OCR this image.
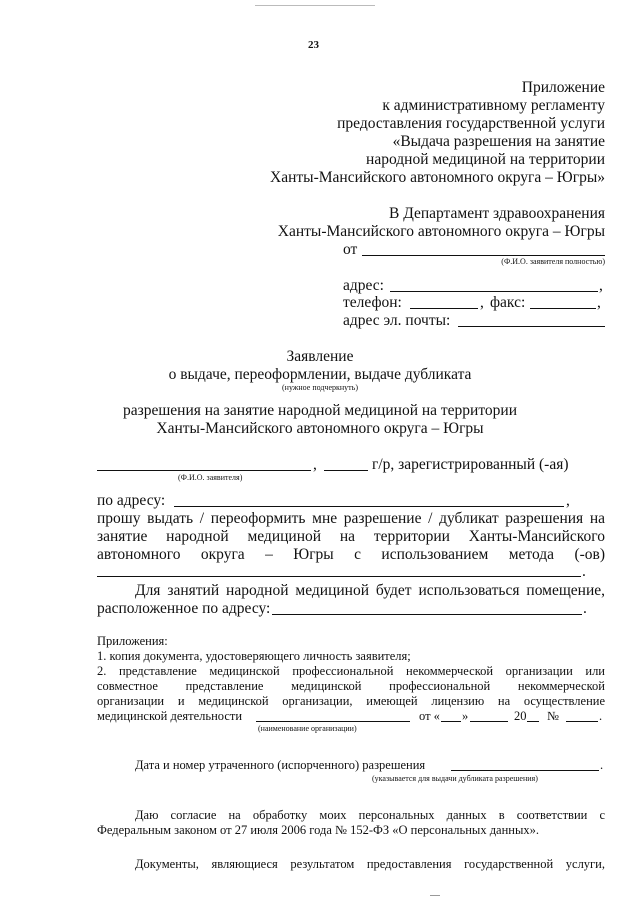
23
Приложение
к административному регламенту
предоставления государственной услуги
«Выдача разрешения на занятие
народной медициной на территории
Ханты-Мансийского автономного округа – Югры»
В Департамент здравоохранения
Ханты-Мансийского автономного округа – Югры
от
(Ф.И.О. заявителя полностью)
адрес:	,
телефон:	, факс:	,
адрес эл. почты:
Заявление
о выдаче, переоформлении, выдаче дубликата
(нужное подчеркнуть)
разрешения на занятие народной медициной на территории
Ханты-Мансийского автономного округа – Югры
,	г/р, зарегистрированный (-ая)
(Ф.И.О. заявителя)
по адресу:	,
прошу выдать / переоформить мне разрешение / дубликат разрешения на
занятие народной медициной на территории Ханты-Мансийского
автономного округа – Югры с использованием метода (-ов)
.
Для занятий народной медициной будет использоваться помещение,
расположенное по адресу:	.
Приложения:
1. копия документа, удостоверяющего личность заявителя;
2. представление медицинской профессиональной некоммерческой организации или
совместное представление медицинской профессиональной некоммерческой
организации и медицинской организации, имеющей лицензию на осуществление
медицинской деятельности	от « »	20 №	.
(наименование организации)
Дата и номер утраченного (испорченного) разрешения	.
(указывается для выдачи дубликата разрешения)
Даю согласие на обработку моих персональных данных в соответствии с
Федеральным законом от 27 июля 2006 года № 152-ФЗ «О персональных данных».
Документы, являющиеся результатом предоставления государственной услуги,
